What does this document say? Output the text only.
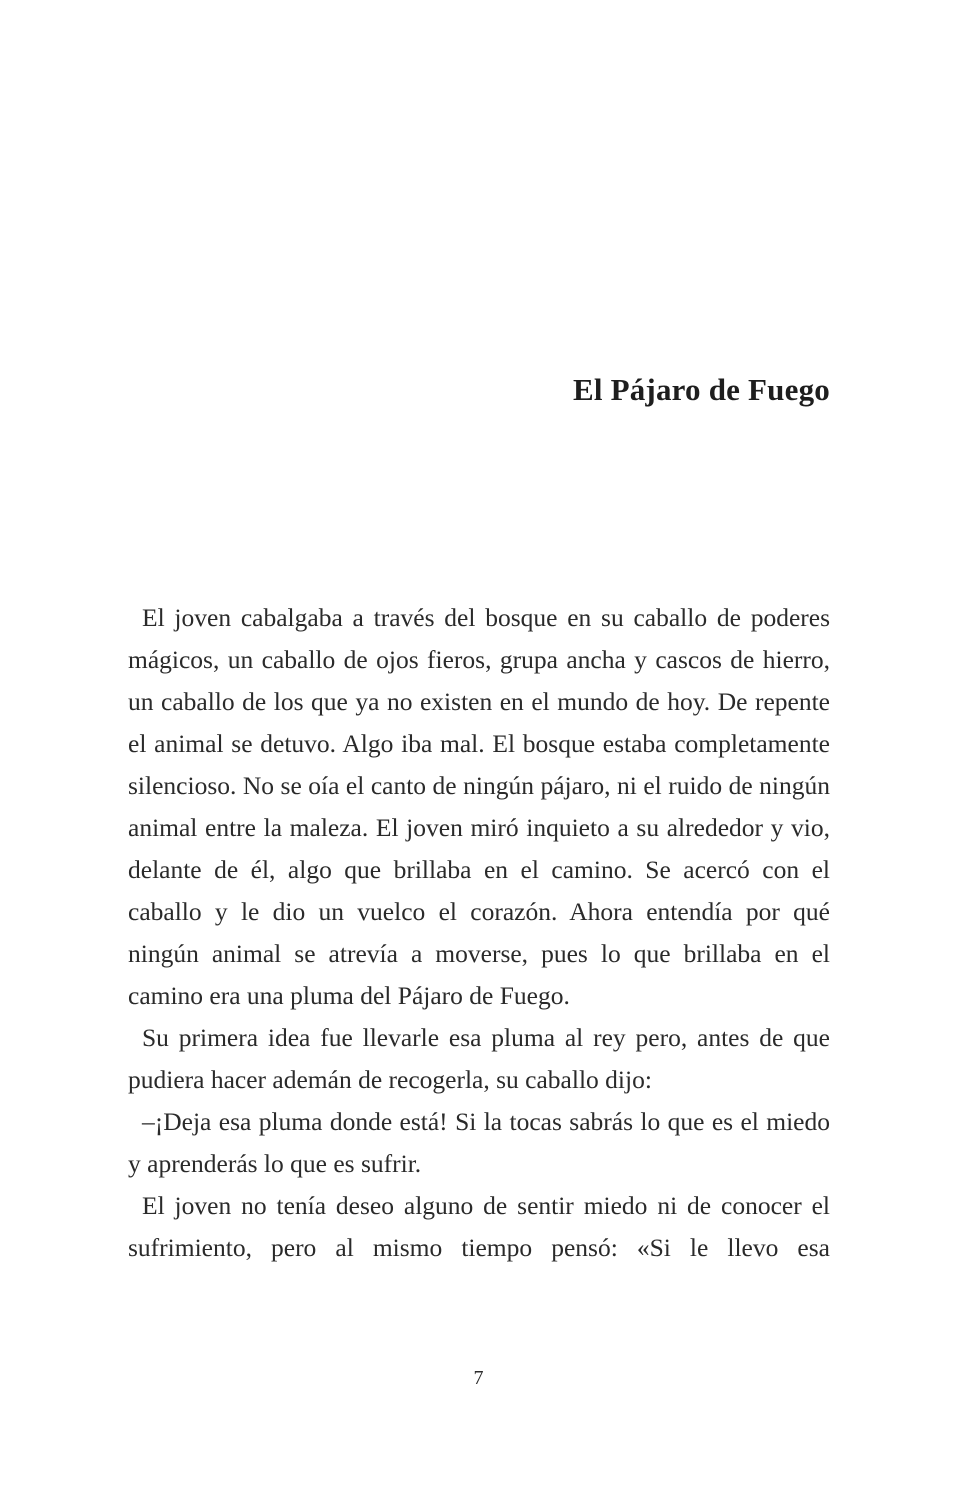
El Pájaro de Fuego

El joven cabalgaba a través del bosque en su caballo de poderes mágicos, un caballo de ojos fieros, grupa ancha y cascos de hierro, un caballo de los que ya no existen en el mundo de hoy. De repente el animal se detuvo. Algo iba mal. El bosque estaba completamente silencioso. No se oía el canto de ningún pájaro, ni el ruido de ningún animal entre la maleza. El joven miró inquieto a su alrededor y vio, delante de él, algo que brillaba en el camino. Se acercó con el caballo y le dio un vuelco el corazón. Ahora entendía por qué ningún animal se atrevía a moverse, pues lo que brillaba en el camino era una pluma del Pájaro de Fuego.

Su primera idea fue llevarle esa pluma al rey pero, antes de que pudiera hacer ademán de recogerla, su caballo dijo:

–¡Deja esa pluma donde está! Si la tocas sabrás lo que es el miedo y aprenderás lo que es sufrir.

El joven no tenía deseo alguno de sentir miedo ni de conocer el sufrimiento, pero al mismo tiempo pensó: «Si le llevo esa

7
